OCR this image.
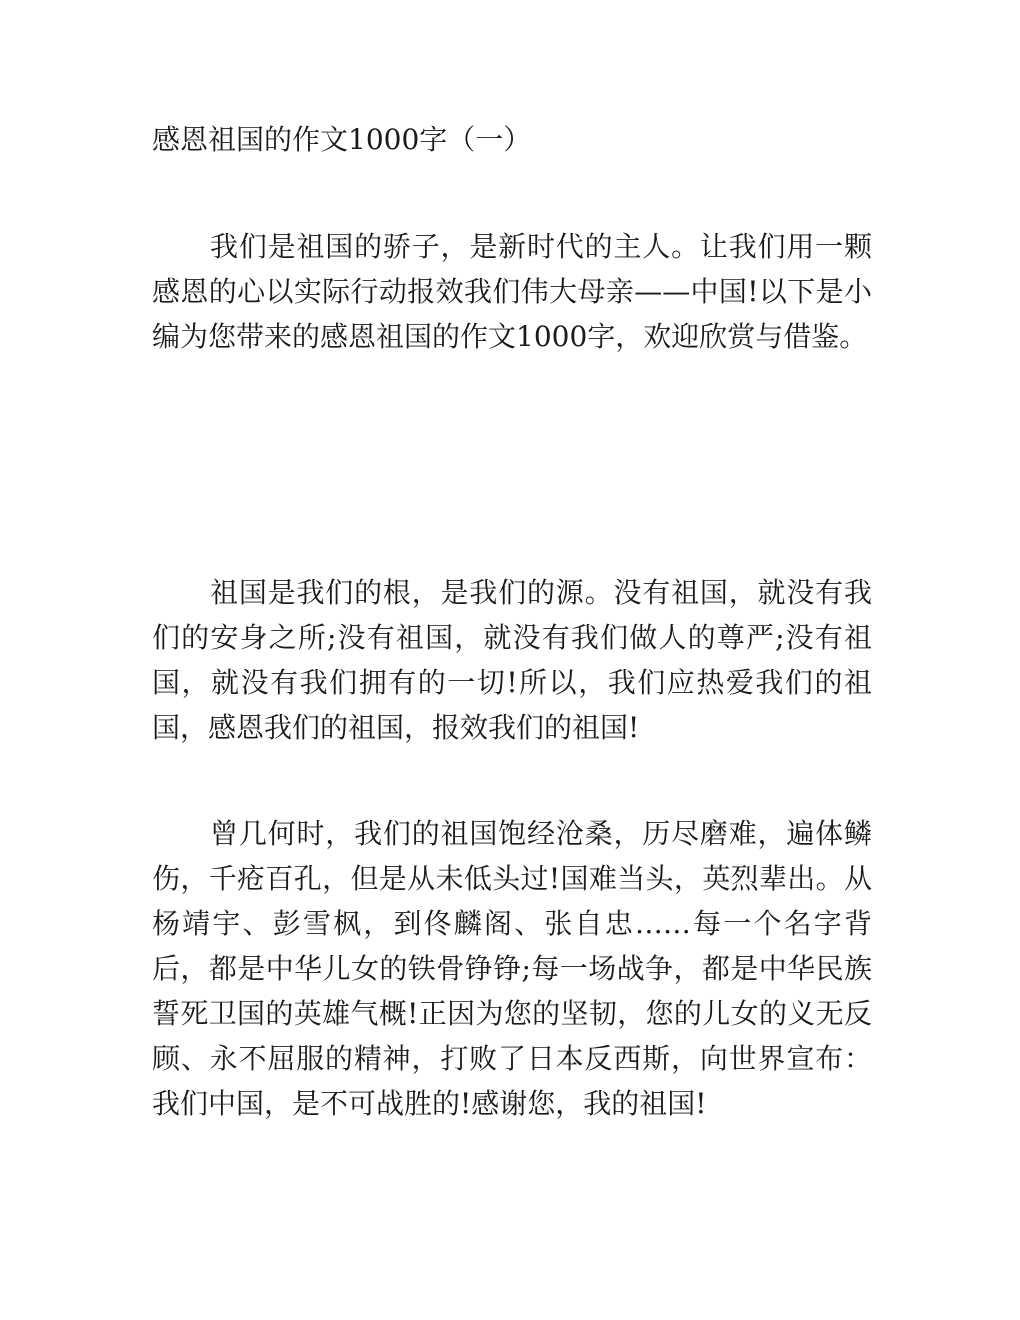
感恩祖国的作文1000字（一）

我们是祖国的骄子，是新时代的主人。让我们用一颗感恩的心以实际行动报效我们伟大母亲——中国!以下是小编为您带来的感恩祖国的作文1000字，欢迎欣赏与借鉴。

祖国是我们的根，是我们的源。没有祖国，就没有我们的安身之所;没有祖国，就没有我们做人的尊严;没有祖国，就没有我们拥有的一切!所以，我们应热爱我们的祖国，感恩我们的祖国，报效我们的祖国!

曾几何时，我们的祖国饱经沧桑，历尽磨难，遍体鳞伤，千疮百孔，但是从未低头过!国难当头，英烈辈出。从杨靖宇、彭雪枫，到佟麟阁、张自忠……每一个名字背后，都是中华儿女的铁骨铮铮;每一场战争，都是中华民族誓死卫国的英雄气概!正因为您的坚韧，您的儿女的义无反顾、永不屈服的精神，打败了日本反西斯，向世界宣布：我们中国，是不可战胜的!感谢您，我的祖国!
